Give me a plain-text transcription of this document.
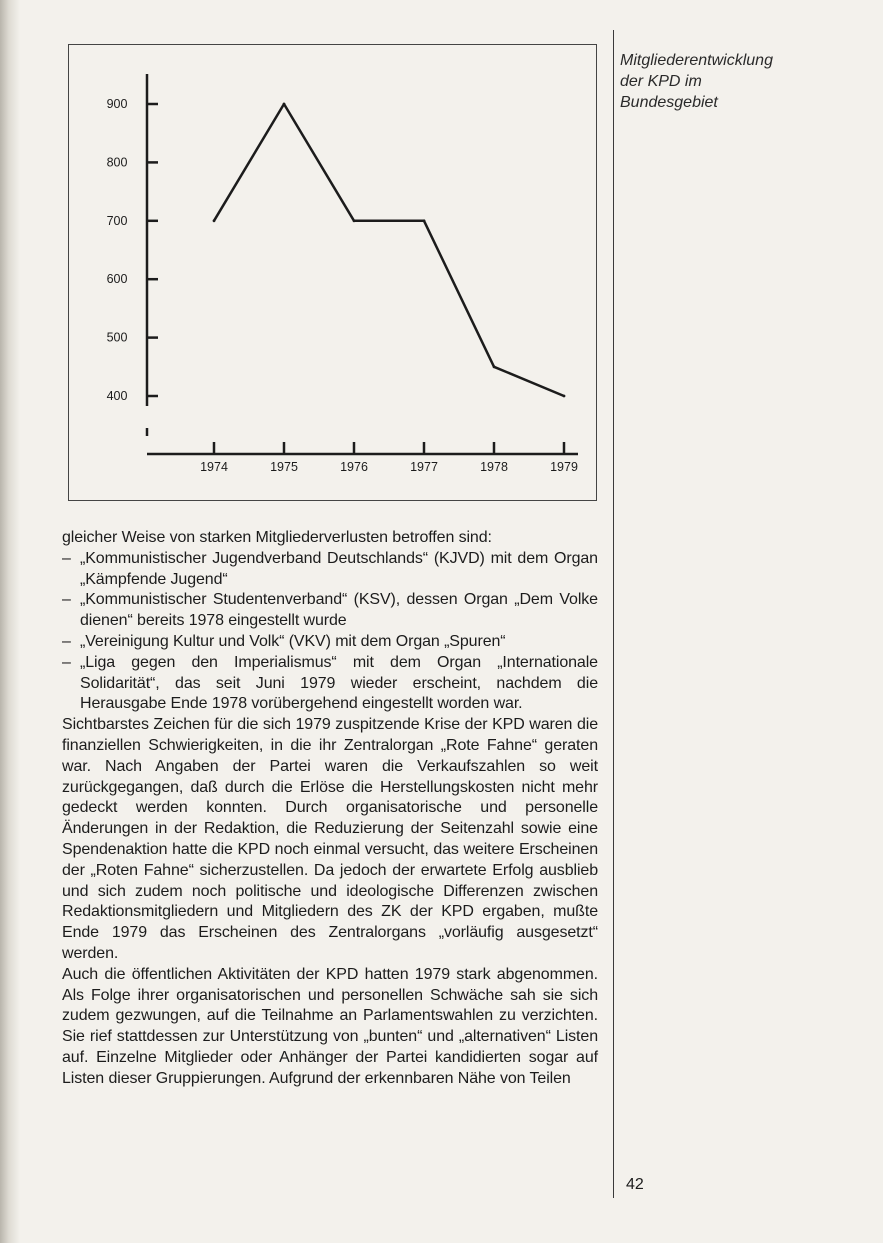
900
800
700
600
500
400
1974	1975	1976	1977	1978	1979
Mitgliederentwicklung
der KPD im
Bundesgebiet

gleicher Weise von starken Mitgliederverlusten betroffen sind:

– „Kommunistischer Jugendverband Deutschlands“ (KJVD) mit dem Organ „Kämpfende Jugend“
– „Kommunistischer Studentenverband“ (KSV), dessen Organ „Dem Volke dienen“ bereits 1978 eingestellt wurde
– „Vereinigung Kultur und Volk“ (VKV) mit dem Organ „Spuren“
– „Liga gegen den Imperialismus“ mit dem Organ „Internationale Solidarität“, das seit Juni 1979 wieder erscheint, nachdem die Herausgabe Ende 1978 vorübergehend eingestellt worden war.

Sichtbarstes Zeichen für die sich 1979 zuspitzende Krise der KPD waren die finanziellen Schwierigkeiten, in die ihr Zentralorgan „Rote Fahne“ geraten war. Nach Angaben der Partei waren die Verkaufszahlen so weit zurückgegangen, daß durch die Erlöse die Herstellungskosten nicht mehr gedeckt werden konnten. Durch organisatorische und personelle Änderungen in der Redaktion, die Reduzierung der Seitenzahl sowie eine Spendenaktion hatte die KPD noch einmal versucht, das weitere Erscheinen der „Roten Fahne“ sicherzustellen. Da jedoch der erwartete Erfolg ausblieb und sich zudem noch politische und ideologische Differenzen zwischen Redaktionsmitgliedern und Mitgliedern des ZK der KPD ergaben, mußte Ende 1979 das Erscheinen des Zentralorgans „vorläufig ausgesetzt“ werden.

Auch die öffentlichen Aktivitäten der KPD hatten 1979 stark abgenommen. Als Folge ihrer organisatorischen und personellen Schwäche sah sie sich zudem gezwungen, auf die Teilnahme an Parlamentswahlen zu verzichten. Sie rief stattdessen zur Unterstützung von „bunten“ und „alternativen“ Listen auf. Einzelne Mitglieder oder Anhänger der Partei kandidierten sogar auf Listen dieser Gruppierungen. Aufgrund der erkennbaren Nähe von Teilen

42
